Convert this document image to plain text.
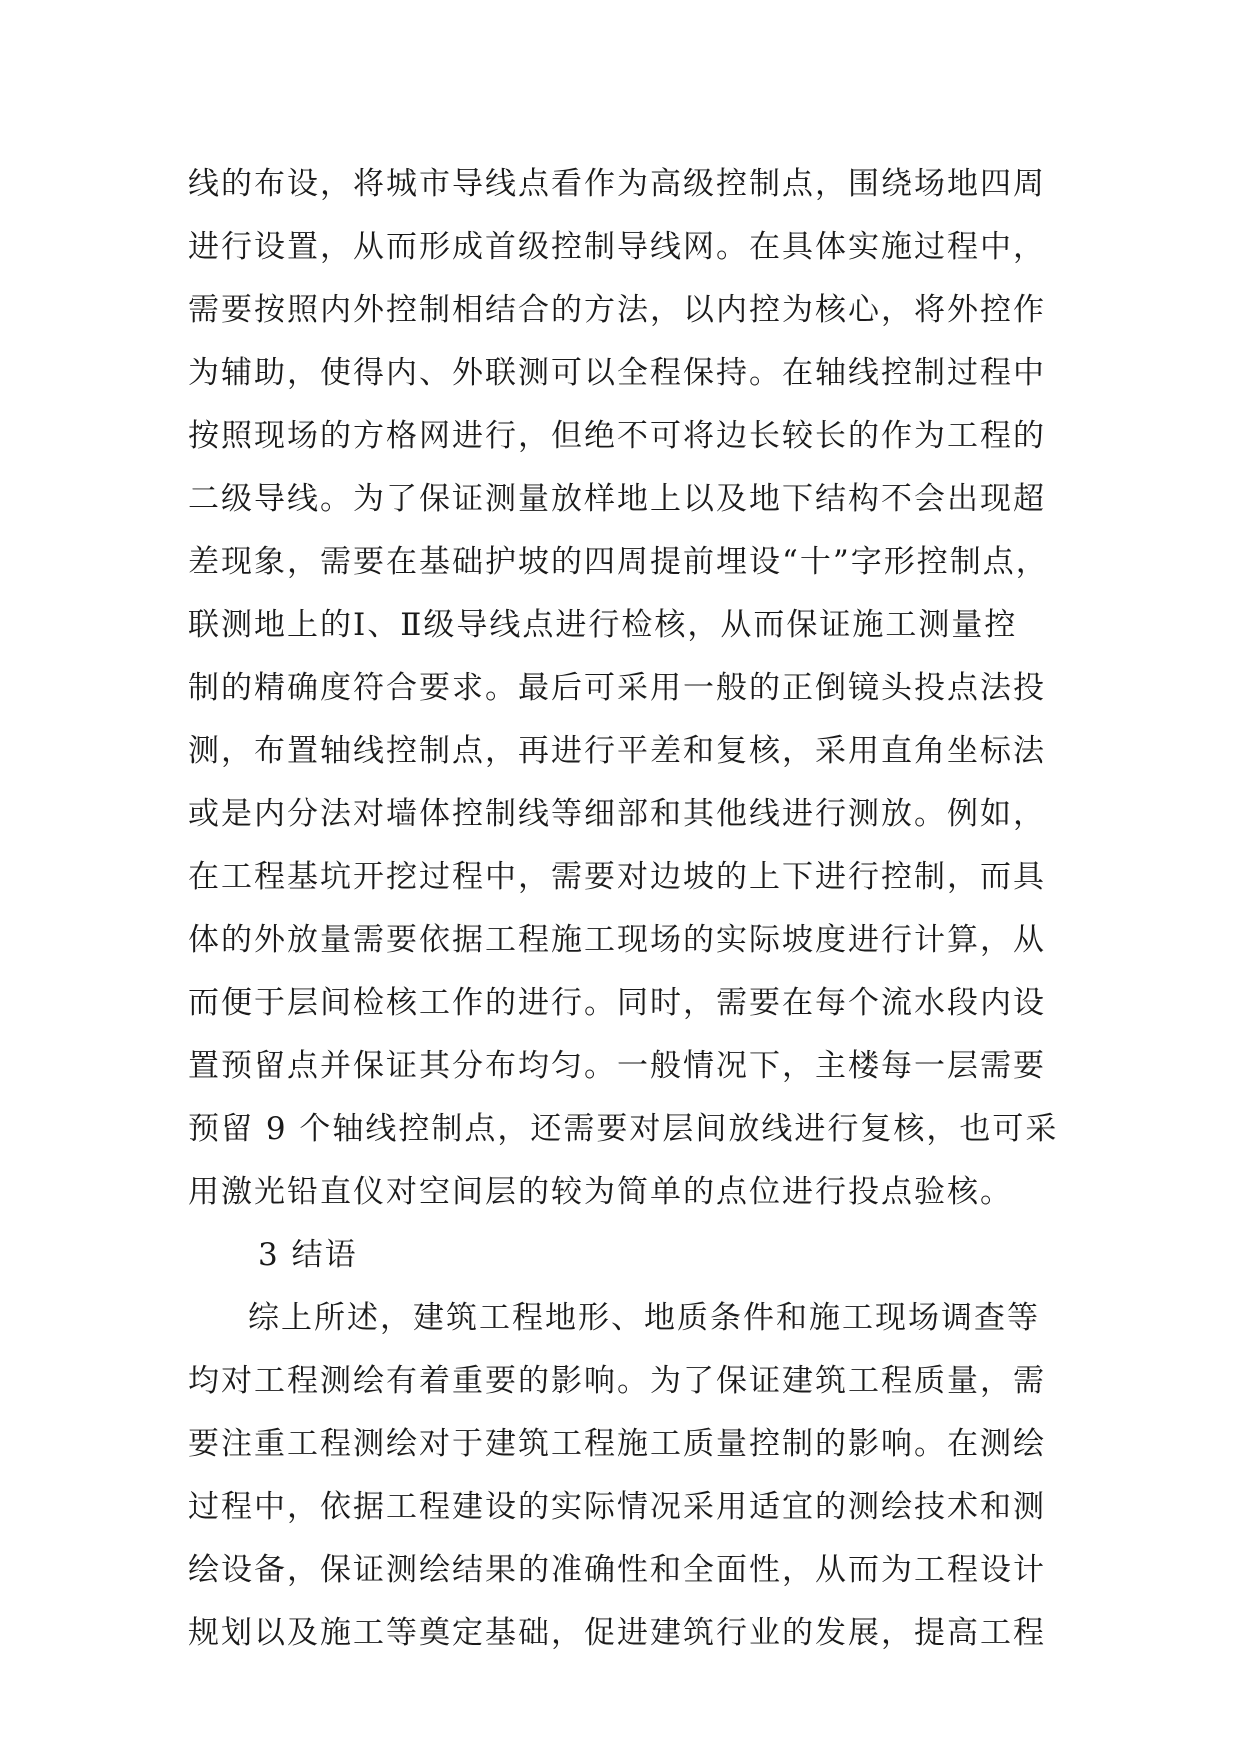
线的布设，将城市导线点看作为高级控制点，围绕场地四周
进行设置，从而形成首级控制导线网。在具体实施过程中，
需要按照内外控制相结合的方法，以内控为核心，将外控作
为辅助，使得内、外联测可以全程保持。在轴线控制过程中
按照现场的方格网进行，但绝不可将边长较长的作为工程的
二级导线。为了保证测量放样地上以及地下结构不会出现超
差现象，需要在基础护坡的四周提前埋设“十”字形控制点，
联测地上的Ⅰ、Ⅱ级导线点进行检核，从而保证施工测量控
制的精确度符合要求。最后可采用一般的正倒镜头投点法投
测，布置轴线控制点，再进行平差和复核，采用直角坐标法
或是内分法对墙体控制线等细部和其他线进行测放。例如，
在工程基坑开挖过程中，需要对边坡的上下进行控制，而具
体的外放量需要依据工程施工现场的实际坡度进行计算，从
而便于层间检核工作的进行。同时，需要在每个流水段内设
置预留点并保证其分布均匀。一般情况下，主楼每一层需要
预留 9 个轴线控制点，还需要对层间放线进行复核，也可采
用激光铅直仪对空间层的较为简单的点位进行投点验核。
3 结语
综上所述，建筑工程地形、地质条件和施工现场调查等
均对工程测绘有着重要的影响。为了保证建筑工程质量，需
要注重工程测绘对于建筑工程施工质量控制的影响。在测绘
过程中，依据工程建设的实际情况采用适宜的测绘技术和测
绘设备，保证测绘结果的准确性和全面性，从而为工程设计
规划以及施工等奠定基础，促进建筑行业的发展，提高工程
